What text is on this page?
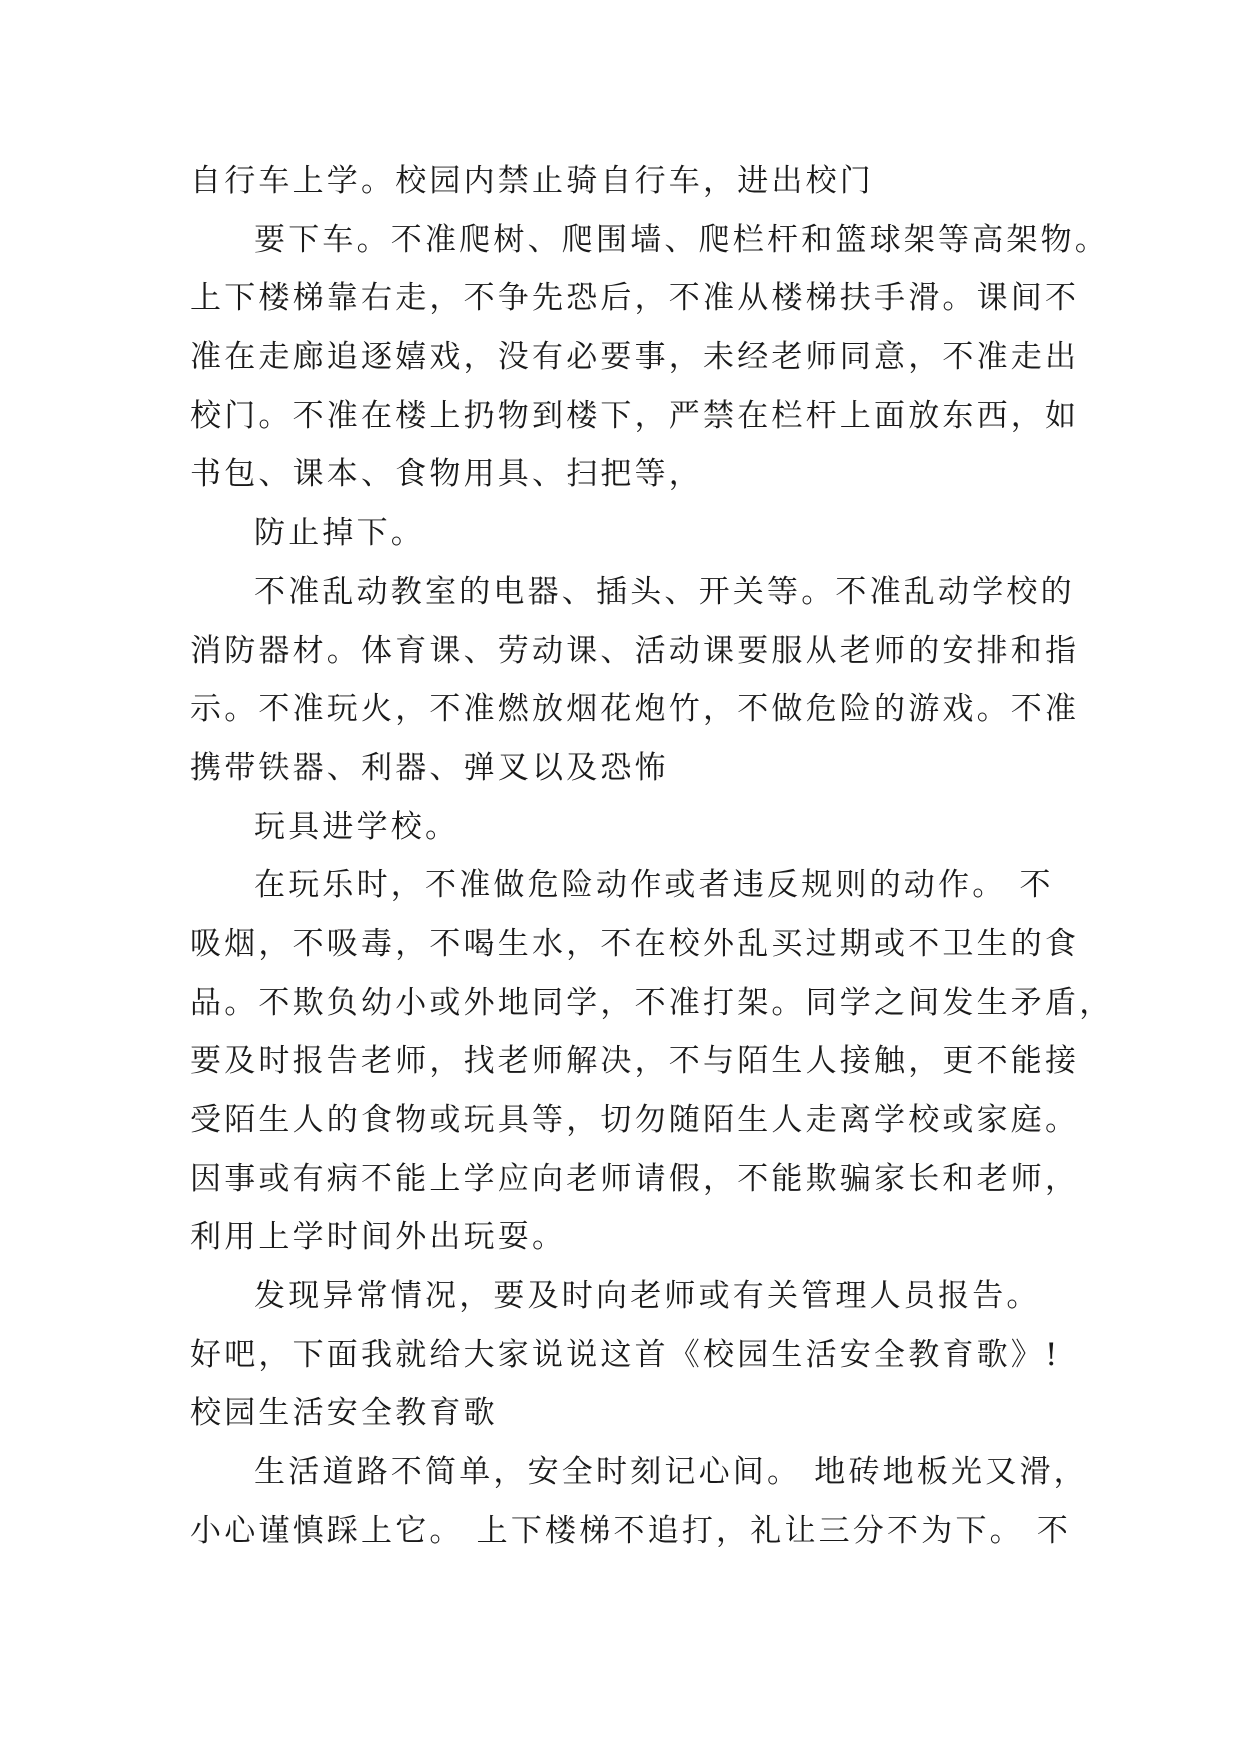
自行车上学。校园内禁止骑自行车，进出校门
要下车。不准爬树、爬围墙、爬栏杆和篮球架等高架物。
上下楼梯靠右走，不争先恐后，不准从楼梯扶手滑。课间不
准在走廊追逐嬉戏，没有必要事，未经老师同意，不准走出
校门。不准在楼上扔物到楼下，严禁在栏杆上面放东西，如
书包、课本、食物用具、扫把等，
防止掉下。
不准乱动教室的电器、插头、开关等。不准乱动学校的
消防器材。体育课、劳动课、活动课要服从老师的安排和指
示。不准玩火，不准燃放烟花炮竹，不做危险的游戏。不准
携带铁器、利器、弹叉以及恐怖
玩具进学校。
在玩乐时，不准做危险动作或者违反规则的动作。 不
吸烟，不吸毒，不喝生水，不在校外乱买过期或不卫生的食
品。不欺负幼小或外地同学，不准打架。同学之间发生矛盾，
要及时报告老师，找老师解决，不与陌生人接触，更不能接
受陌生人的食物或玩具等，切勿随陌生人走离学校或家庭。
因事或有病不能上学应向老师请假，不能欺骗家长和老师，
利用上学时间外出玩耍。
发现异常情况，要及时向老师或有关管理人员报告。
好吧，下面我就给大家说说这首《校园生活安全教育歌》!
校园生活安全教育歌
生活道路不简单，安全时刻记心间。 地砖地板光又滑，
小心谨慎踩上它。 上下楼梯不追打，礼让三分不为下。 不
